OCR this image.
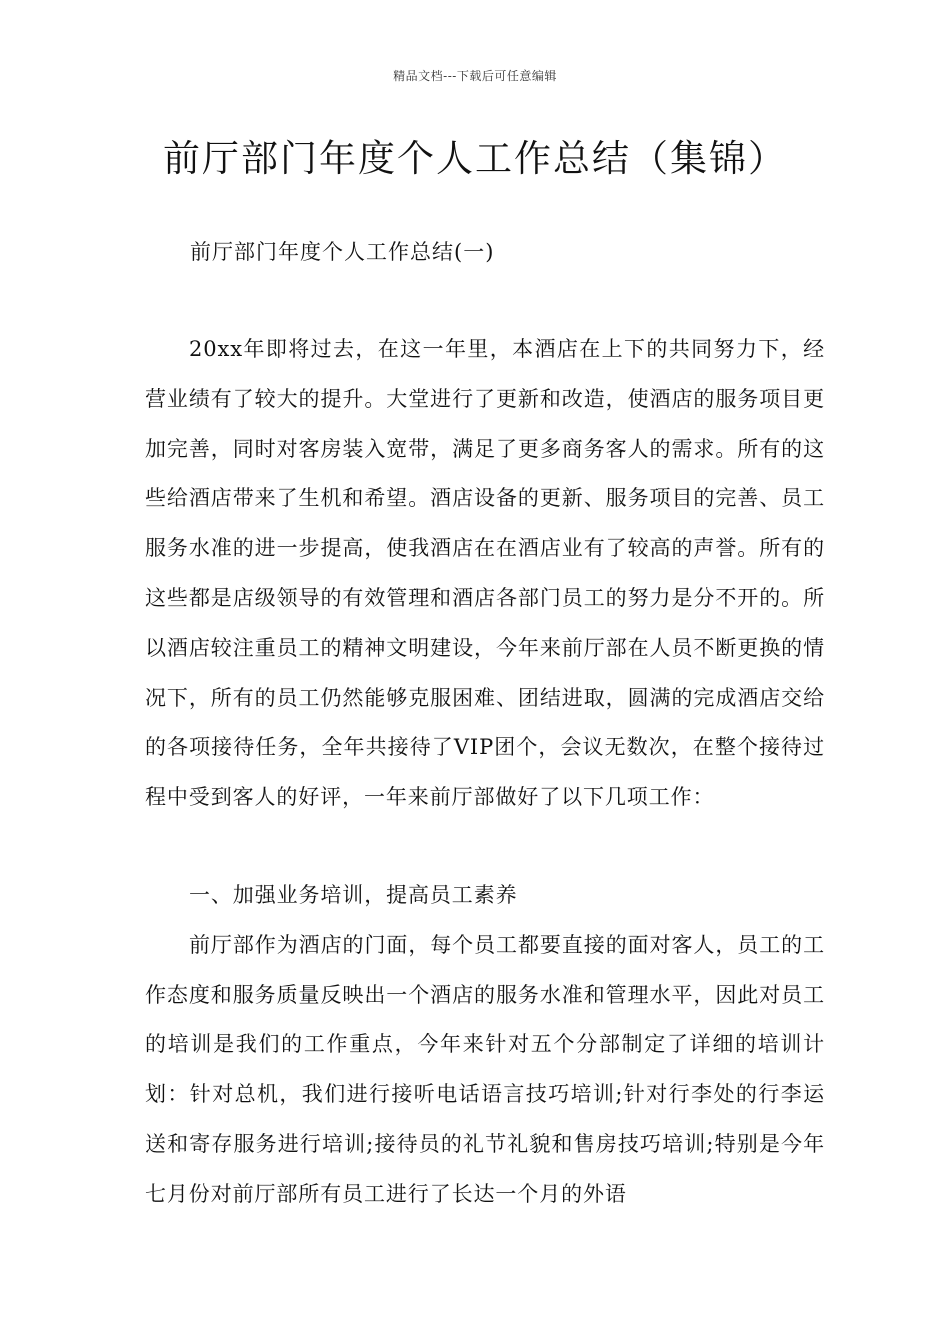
精品文档---下载后可任意编辑
前厅部门年度个人工作总结（集锦）
前厅部门年度个人工作总结(一)

20xx年即将过去，在这一年里，本酒店在上下的共同努力下，经营业绩有了较大的提升。大堂进行了更新和改造，使酒店的服务项目更加完善，同时对客房装入宽带，满足了更多商务客人的需求。所有的这些给酒店带来了生机和希望。酒店设备的更新、服务项目的完善、员工服务水准的进一步提高，使我酒店在在酒店业有了较高的声誉。所有的这些都是店级领导的有效管理和酒店各部门员工的努力是分不开的。所以酒店较注重员工的精神文明建设，今年来前厅部在人员不断更换的情况下，所有的员工仍然能够克服困难、团结进取，圆满的完成酒店交给的各项接待任务，全年共接待了VIP团个，会议无数次，在整个接待过程中受到客人的好评，一年来前厅部做好了以下几项工作：

一、加强业务培训，提高员工素养

前厅部作为酒店的门面，每个员工都要直接的面对客人，员工的工作态度和服务质量反映出一个酒店的服务水准和管理水平，因此对员工的培训是我们的工作重点，今年来针对五个分部制定了详细的培训计划：针对总机，我们进行接听电话语言技巧培训;针对行李处的行李运送和寄存服务进行培训;接待员的礼节礼貌和售房技巧培训;特别是今年七月份对前厅部所有员工进行了长达一个月的外语
